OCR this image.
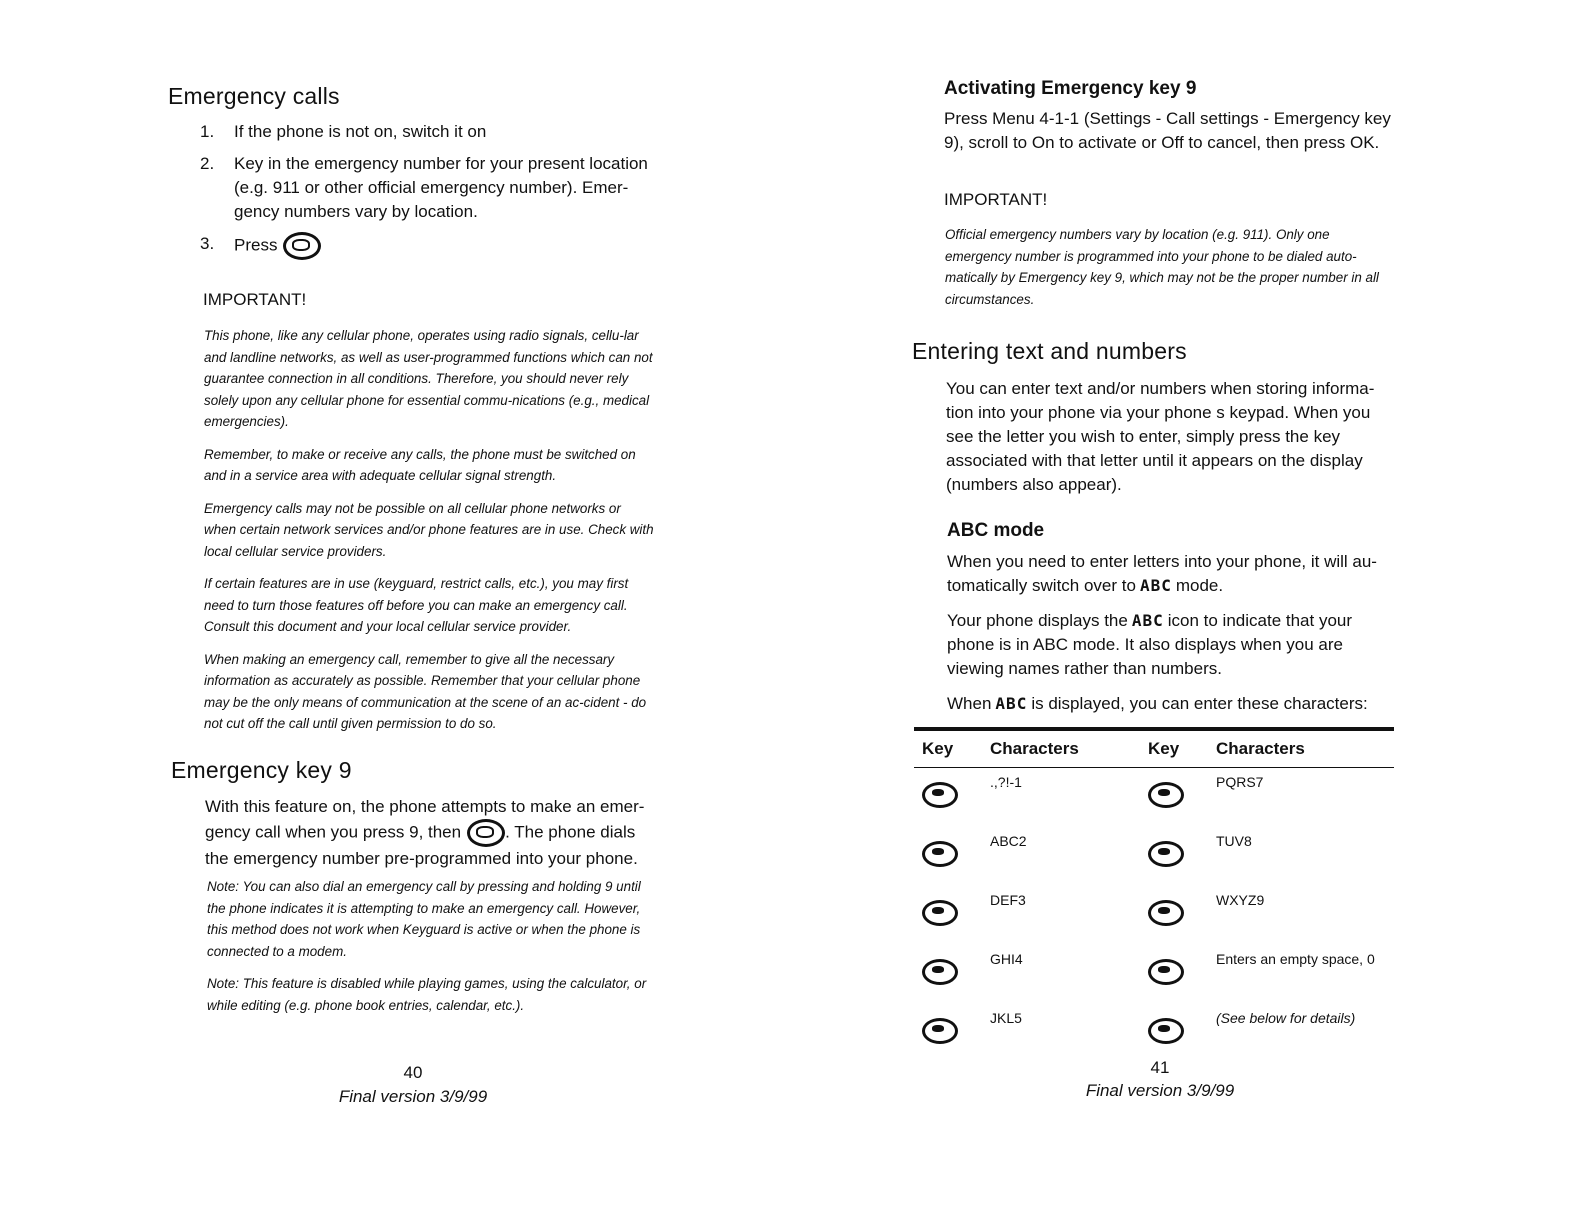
Emergency calls
1. If the phone is not on, switch it on
2. Key in the emergency number for your present location (e.g. 911 or other official emergency number). Emer-gency numbers vary by location.
3. Press
IMPORTANT!

This phone, like any cellular phone, operates using radio signals, cellu-lar and landline networks, as well as user-programmed functions which can not guarantee connection in all conditions. Therefore, you should never rely solely upon any cellular phone for essential commu-nications (e.g., medical emergencies).

Remember, to make or receive any calls, the phone must be switched on and in a service area with adequate cellular signal strength.

Emergency calls may not be possible on all cellular phone networks or when certain network services and/or phone features are in use. Check with local cellular service providers.

If certain features are in use (keyguard, restrict calls, etc.), you may first need to turn those features off before you can make an emergency call. Consult this document and your local cellular service provider.

When making an emergency call, remember to give all the necessary information as accurately as possible. Remember that your cellular phone may be the only means of communication at the scene of an ac-cident - do not cut off the call until given permission to do so.

Emergency key 9
With this feature on, the phone attempts to make an emer-gency call when you press 9, then	. The phone dials the emergency number pre-programmed into your phone.

Note: You can also dial an emergency call by pressing and holding 9 until the phone indicates it is attempting to make an emergency call. However, this method does not work when Keyguard is active or when the phone is connected to a modem.

Note: This feature is disabled while playing games, using the calculator, or while editing (e.g. phone book entries, calendar, etc.).

40
Final version 3/9/99
Activating Emergency key 9
Press Menu 4-1-1 (Settings - Call settings - Emergency key 9), scroll to On to activate or Off to cancel, then press OK.
IMPORTANT!
Official emergency numbers vary by location (e.g. 911). Only one emergency number is programmed into your phone to be dialed auto-matically by Emergency key 9, which may not be the proper number in all circumstances.
Entering text and numbers
You can enter text and/or numbers when storing informa-tion into your phone via your phone s keypad. When you see the letter you wish to enter, simply press the key associated with that letter until it appears on the display (numbers also appear).
ABC mode

When you need to enter letters into your phone, it will au-tomatically switch over to ABC mode.

Your phone displays the ABC icon to indicate that your phone is in ABC mode. It also displays when you are viewing names rather than numbers.

When ABC is displayed, you can enter these characters:

Key	Characters	Key	Characters
	.,?!-1		PQRS7
	ABC2		TUV8
	DEF3		WXYZ9
	GHI4		Enters an empty space, 0
	JKL5		(See below for details)
41
Final version 3/9/99
